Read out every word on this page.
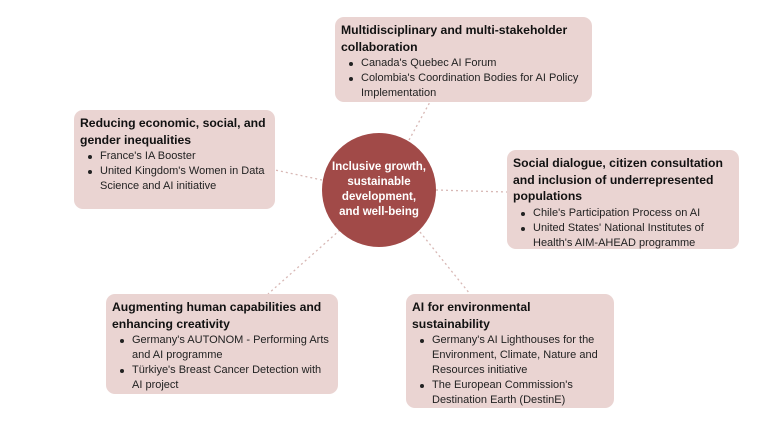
Inclusive growth, sustainable development, and well-being
Multidisciplinary and multi-stakeholder collaboration
Canada's Quebec AI Forum
Colombia's Coordination Bodies for AI Policy Implementation
Reducing economic, social, and gender inequalities
France's IA Booster
United Kingdom's Women in Data Science and AI initiative
Social dialogue, citizen consultation and inclusion of underrepresented populations
Chile's Participation Process on AI
United States' National Institutes of Health's AIM-AHEAD programme
Augmenting human capabilities and enhancing creativity
Germany's AUTONOM - Performing Arts and AI programme
Türkiye's Breast Cancer Detection with AI project
AI for environmental sustainability
Germany's AI Lighthouses for the Environment, Climate, Nature and Resources initiative
The European Commission's Destination Earth (DestinE)
